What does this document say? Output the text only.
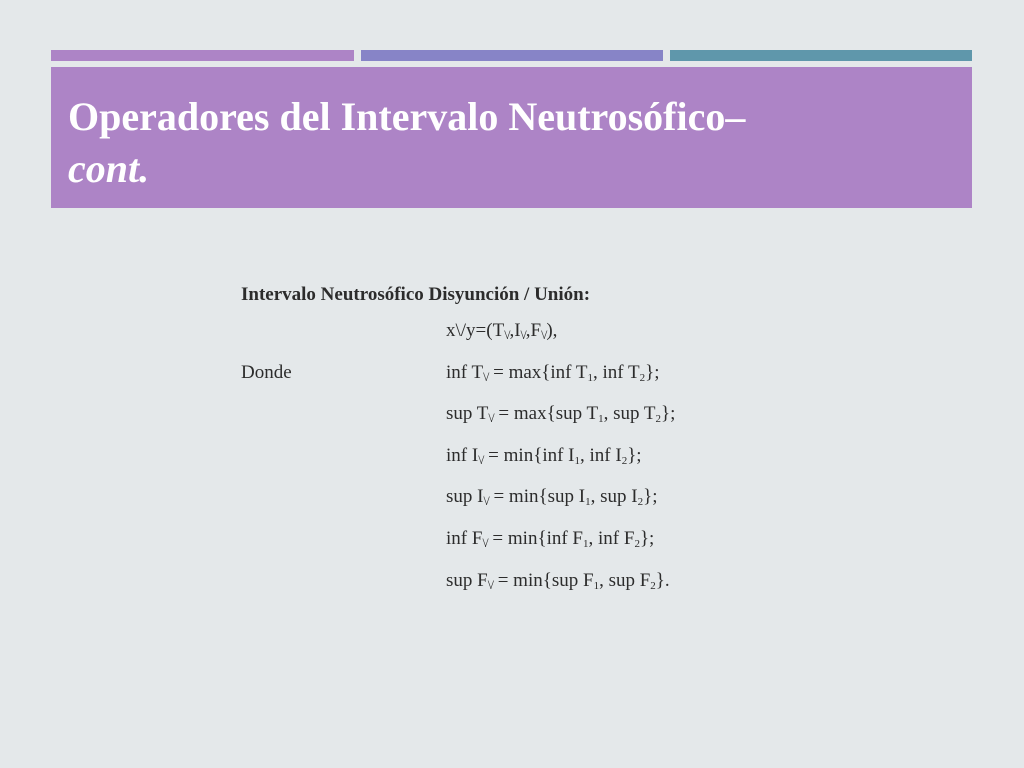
Operadores del Intervalo Neutrosófico–
cont.
Intervalo Neutrosófico Disyunción / Unión:
x\/y=(T\/,I\/,F\/),
Donde	inf T\/ = max{inf $T_1$, inf $T_2$};
sup T\/ = max{sup $T_1$, sup $T_2$};
inf I\/ = min{inf $I_1$, inf $I_2$};
sup I\/ = min{sup $I_1$, sup $I_2$};
inf F\/ = min{inf $F_1$, inf $F_2$};
sup F\/ = min{sup $F_1$, sup $F_2$}.
